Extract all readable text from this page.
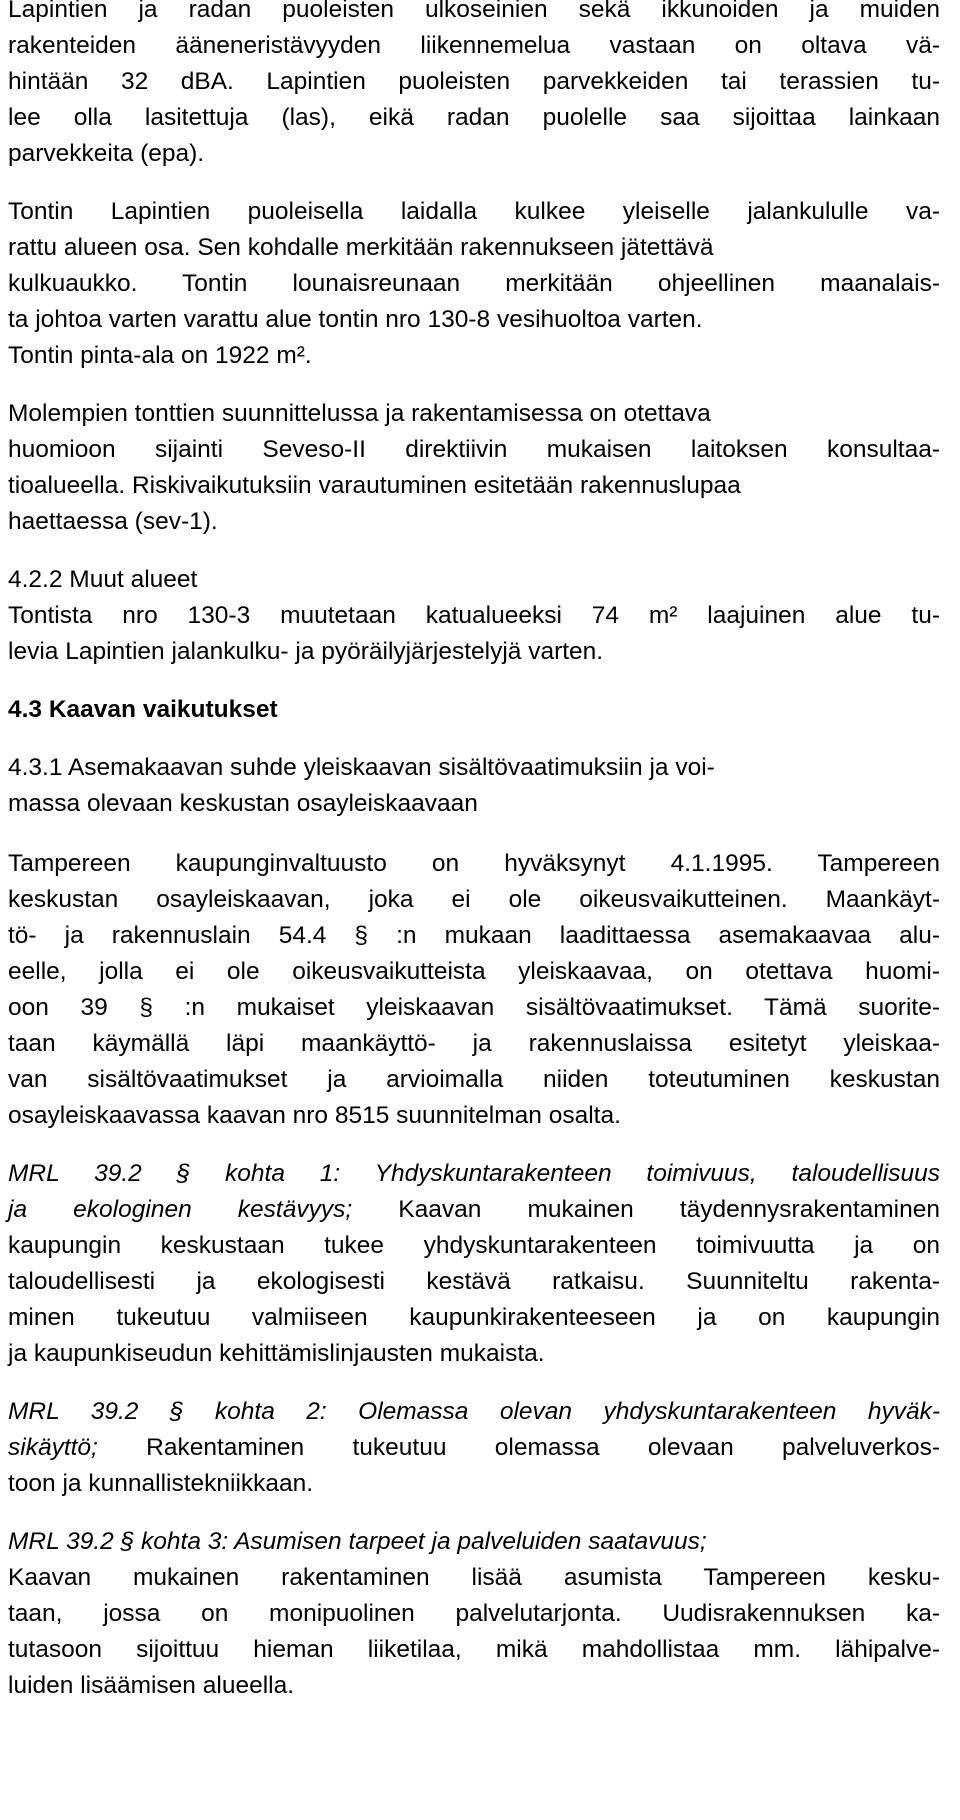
Lapintien ja radan puoleisten ulkoseinien sekä ikkunoiden ja muiden
rakenteiden ääneneristävyyden liikennemelua vastaan on oltava vä-
hintään 32 dBA. Lapintien puoleisten parvekkeiden tai terassien tu-
lee olla lasitettuja (las), eikä radan puolelle saa sijoittaa lainkaan
parvekkeita (epa).
Tontin Lapintien puoleisella laidalla kulkee yleiselle jalankululle va-
rattu alueen osa. Sen kohdalle merkitään rakennukseen jätettävä
kulkuaukko. Tontin lounaisreunaan merkitään ohjeellinen maanalais-
ta johtoa varten varattu alue tontin nro 130-8 vesihuoltoa varten.
Tontin pinta-ala on 1922 m².
Molempien tonttien suunnittelussa ja rakentamisessa on otettava
huomioon sijainti Seveso-II direktiivin mukaisen laitoksen konsultaa-
tioalueella. Riskivaikutuksiin varautuminen esitetään rakennuslupaa
haettaessa (sev-1).
4.2.2 Muut alueet
Tontista nro 130-3 muutetaan katualueeksi 74 m² laajuinen alue tu-
levia Lapintien jalankulku- ja pyöräilyjärjestelyjä varten.
4.3 Kaavan vaikutukset
4.3.1 Asemakaavan suhde yleiskaavan sisältövaatimuksiin ja voi-
massa olevaan keskustan osayleiskaavaan
Tampereen kaupunginvaltuusto on hyväksynyt 4.1.1995. Tampereen
keskustan osayleiskaavan, joka ei ole oikeusvaikutteinen. Maankäyt-
tö- ja rakennuslain 54.4 § :n mukaan laadittaessa asemakaavaa alu-
eelle, jolla ei ole oikeusvaikutteista yleiskaavaa, on otettava huomi-
oon 39 § :n mukaiset yleiskaavan sisältövaatimukset. Tämä suorite-
taan käymällä läpi maankäyttö- ja rakennuslaissa esitetyt yleiskaa-
van sisältövaatimukset ja arvioimalla niiden toteutuminen keskustan
osayleiskaavassa kaavan nro 8515 suunnitelman osalta.
MRL 39.2 § kohta 1: Yhdyskuntarakenteen toimivuus, taloudellisuus
ja ekologinen kestävyys; Kaavan mukainen täydennysrakentaminen
kaupungin keskustaan tukee yhdyskuntarakenteen toimivuutta ja on
taloudellisesti ja ekologisesti kestävä ratkaisu. Suunniteltu rakenta-
minen tukeutuu valmiiseen kaupunkirakenteeseen ja on kaupungin
ja kaupunkiseudun kehittämislinjausten mukaista.
MRL 39.2 § kohta 2: Olemassa olevan yhdyskuntarakenteen hyväk-
sikäyttö; Rakentaminen tukeutuu olemassa olevaan palveluverkos-
toon ja kunnallistekniikkaan.
MRL 39.2 § kohta 3: Asumisen tarpeet ja palveluiden saatavuus;
Kaavan mukainen rakentaminen lisää asumista Tampereen kesku-
taan, jossa on monipuolinen palvelutarjonta. Uudisrakennuksen ka-
tutasoon sijoittuu hieman liiketilaa, mikä mahdollistaa mm. lähipalve-
luiden lisäämisen alueella.
